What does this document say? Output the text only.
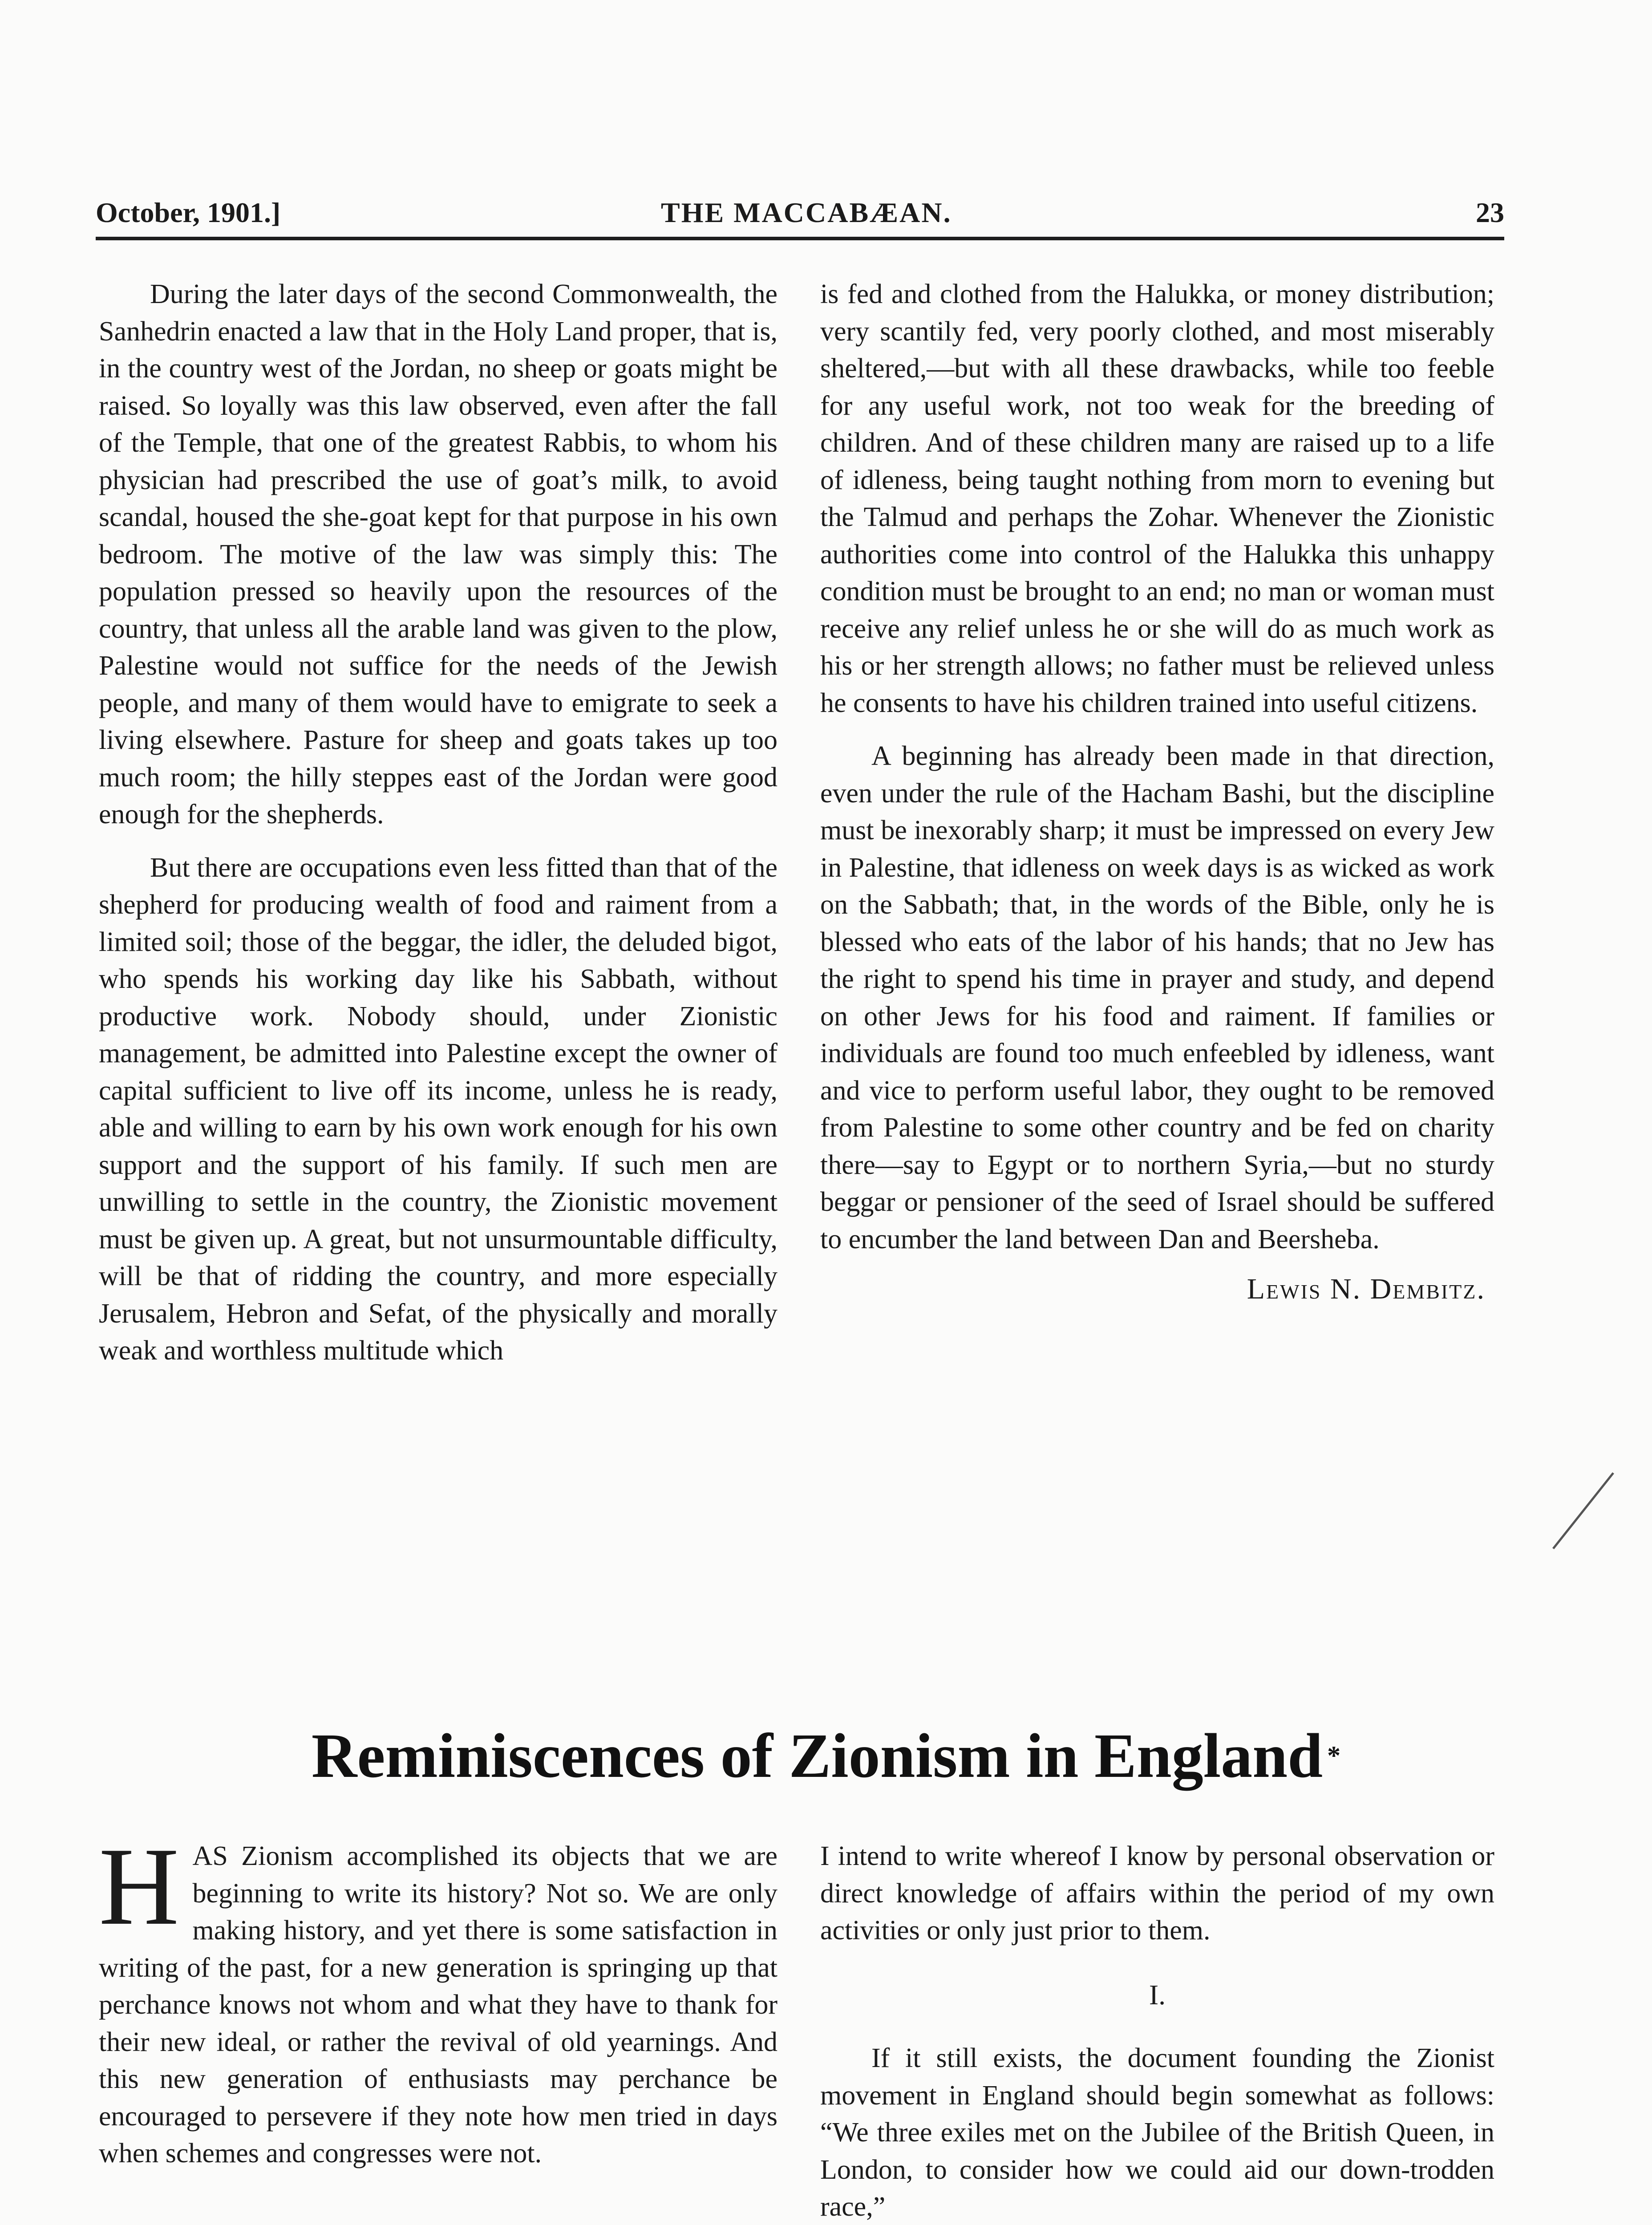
October, 1901.]	THE MACCABÆAN.	23

During the later days of the second Commonwealth, the Sanhedrin enacted a law that in the Holy Land proper, that is, in the country west of the Jordan, no sheep or goats might be raised. So loyally was this law observed, even after the fall of the Temple, that one of the greatest Rabbis, to whom his physician had prescribed the use of goat’s milk, to avoid scandal, housed the she-goat kept for that purpose in his own bedroom. The motive of the law was simply this: The population pressed so heavily upon the resources of the country, that unless all the arable land was given to the plow, Palestine would not suffice for the needs of the Jewish people, and many of them would have to emigrate to seek a living elsewhere. Pasture for sheep and goats takes up too much room; the hilly steppes east of the Jordan were good enough for the shepherds.

But there are occupations even less fitted than that of the shepherd for producing wealth of food and raiment from a limited soil; those of the beggar, the idler, the deluded bigot, who spends his working day like his Sabbath, without productive work. Nobody should, under Zionistic management, be admitted into Palestine except the owner of capital sufficient to live off its income, unless he is ready, able and willing to earn by his own work enough for his own support and the support of his family. If such men are unwilling to settle in the country, the Zionistic movement must be given up. A great, but not unsurmountable difficulty, will be that of ridding the country, and more especially Jerusalem, Hebron and Sefat, of the physically and morally weak and worthless multitude which

is fed and clothed from the Halukka, or money distribution; very scantily fed, very poorly clothed, and most miserably sheltered,—but with all these drawbacks, while too feeble for any useful work, not too weak for the breeding of children. And of these children many are raised up to a life of idleness, being taught nothing from morn to evening but the Talmud and perhaps the Zohar. Whenever the Zionistic authorities come into control of the Halukka this unhappy condition must be brought to an end; no man or woman must receive any relief unless he or she will do as much work as his or her strength allows; no father must be relieved unless he consents to have his children trained into useful citizens.

A beginning has already been made in that direction, even under the rule of the Hacham Bashi, but the discipline must be inexorably sharp; it must be impressed on every Jew in Palestine, that idleness on week days is as wicked as work on the Sabbath; that, in the words of the Bible, only he is blessed who eats of the labor of his hands; that no Jew has the right to spend his time in prayer and study, and depend on other Jews for his food and raiment. If families or individuals are found too much enfeebled by idleness, want and vice to perform useful labor, they ought to be removed from Palestine to some other country and be fed on charity there—say to Egypt or to northern Syria,—but no sturdy beggar or pensioner of the seed of Israel should be suffered to encumber the land between Dan and Beersheba.

Lewis N. Dembitz.
Reminiscences of Zionism in England *

HAS Zionism accomplished its objects that we are beginning to write its history? Not so. We are only making history, and yet there is some satisfaction in writing of the past, for a new generation is springing up that perchance knows not whom and what they have to thank for their new ideal, or rather the revival of old yearnings. And this new generation of enthusiasts may perchance be encouraged to persevere if they note how men tried in days when schemes and congresses were not.

I intend to write whereof I know by personal observation or direct knowledge of affairs within the period of my own activities or only just prior to them.

I.

If it still exists, the document founding the Zionist movement in England should begin somewhat as follows: “We three exiles met on the Jubilee of the British Queen, in London, to consider how we could aid our down-trodden race,”
